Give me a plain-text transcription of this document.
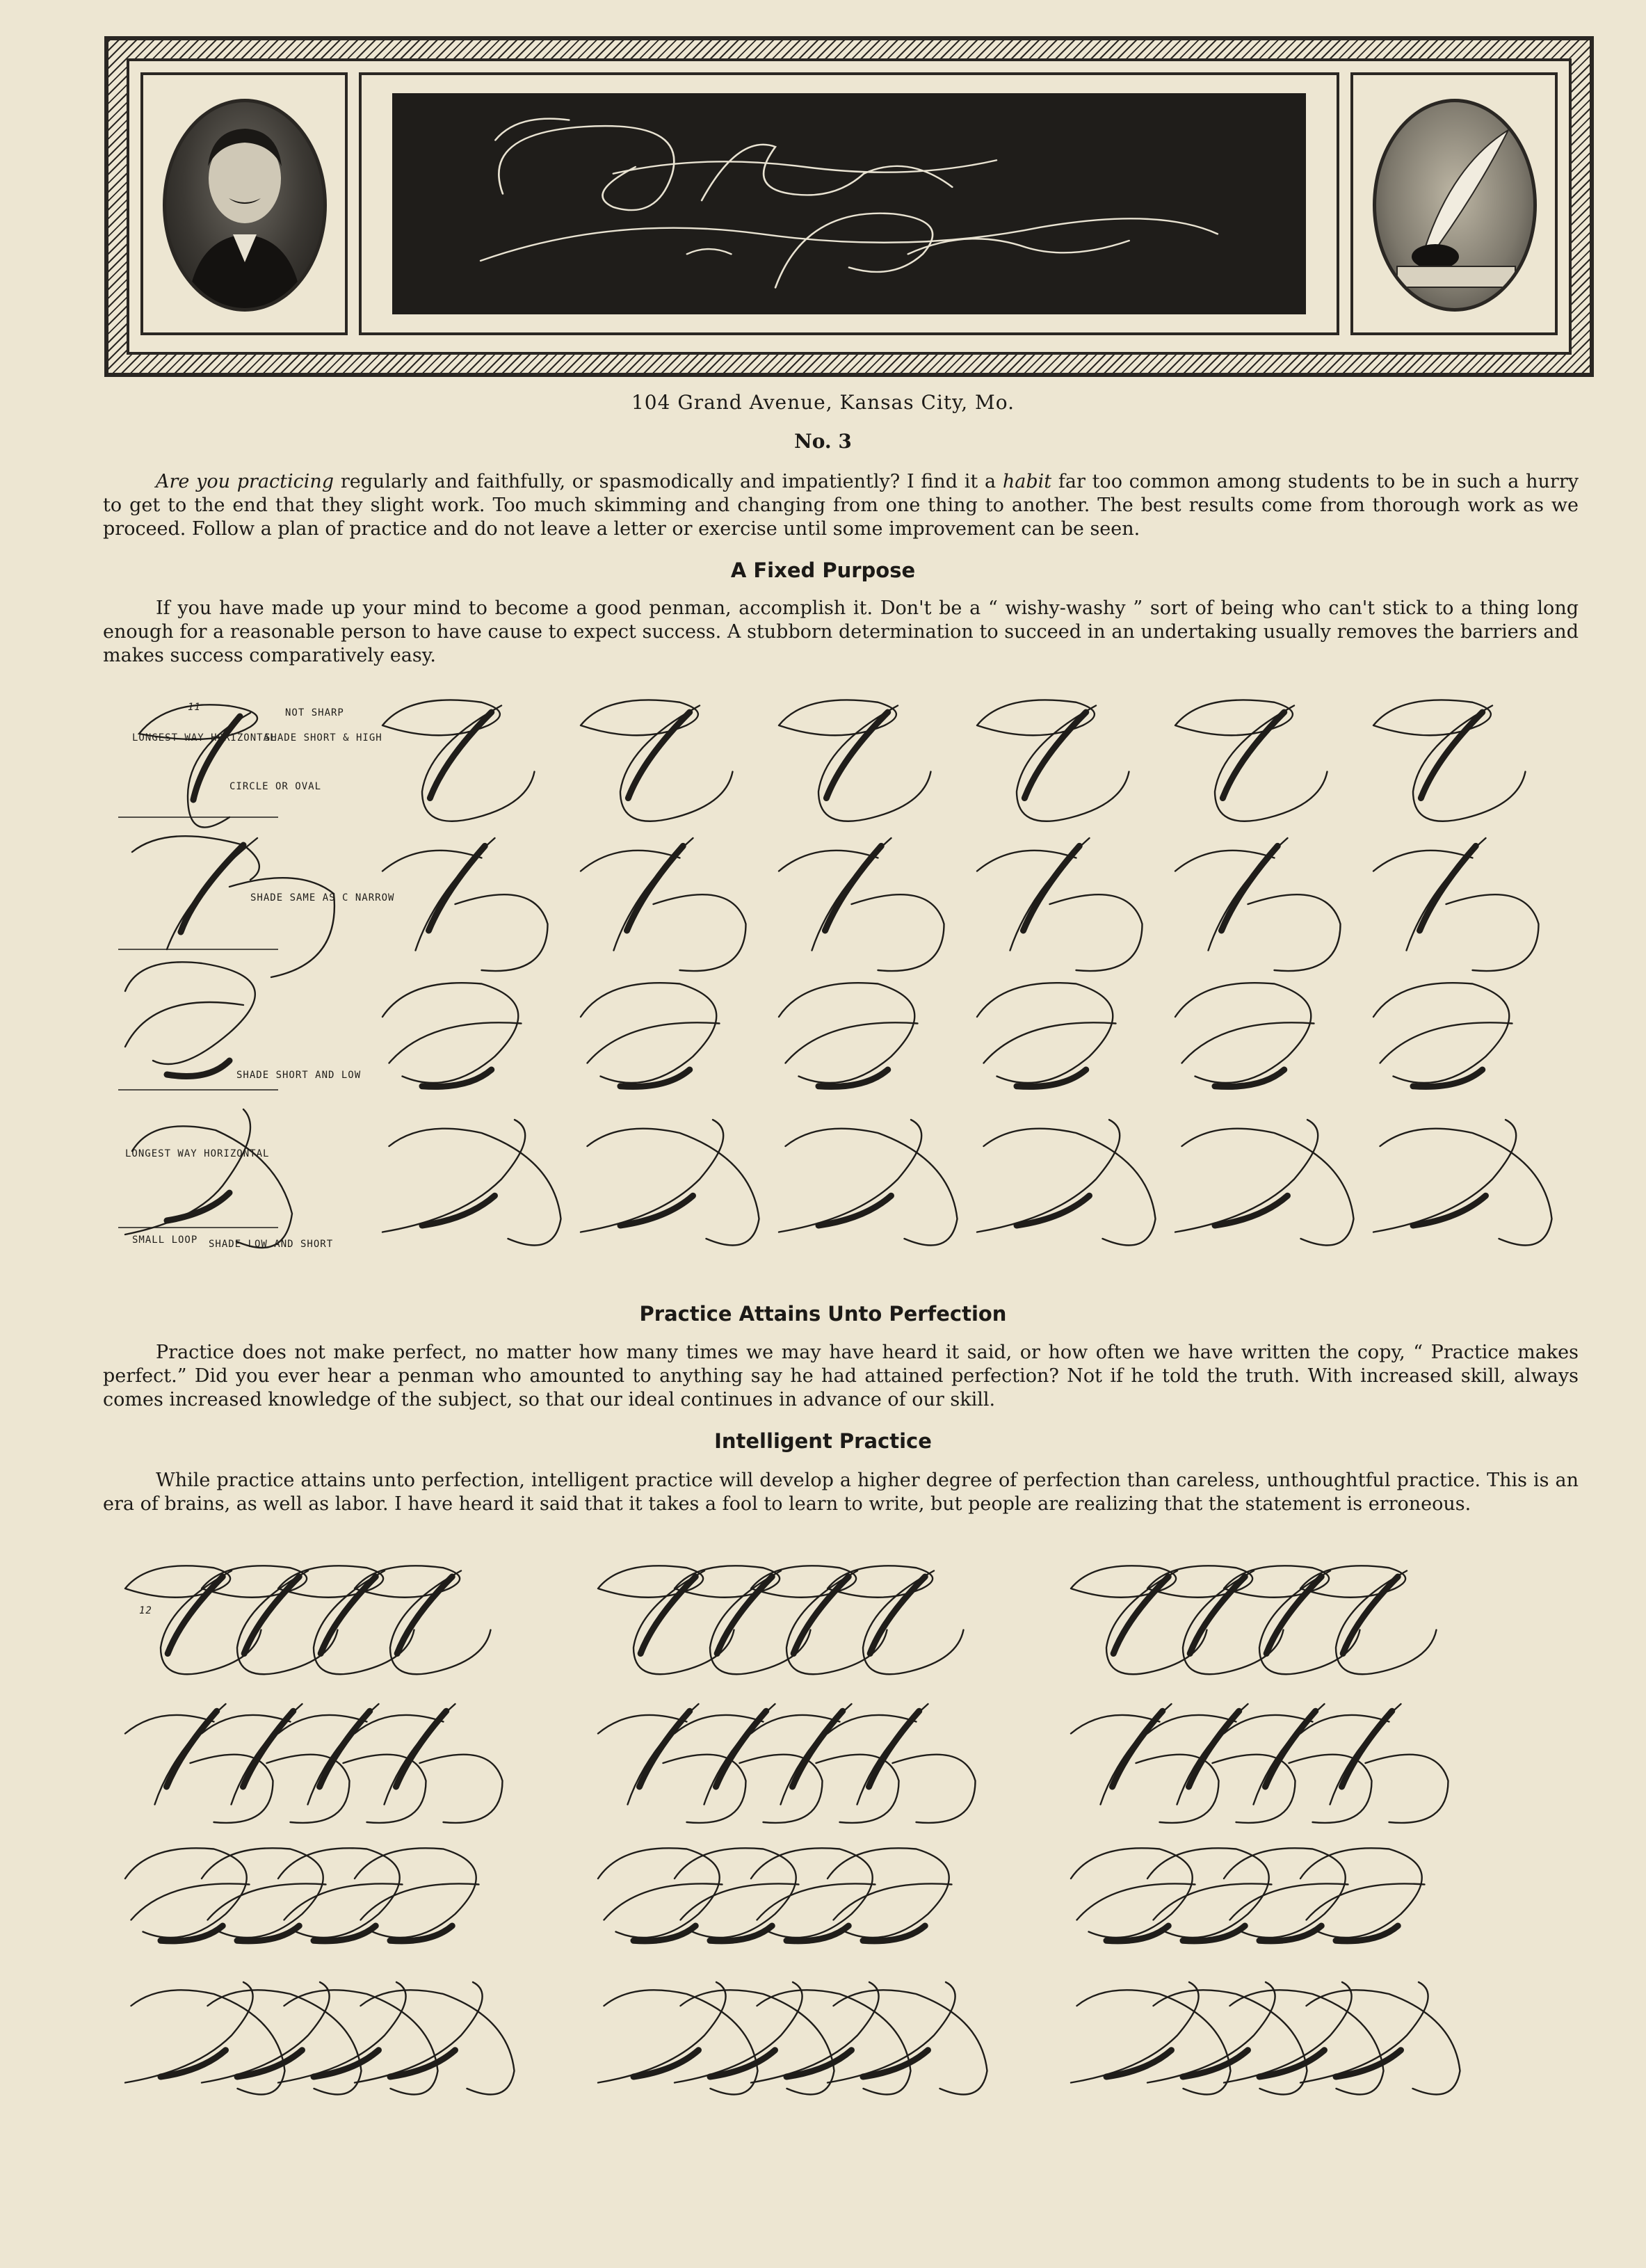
104 Grand Avenue, Kansas City, Mo.
No. 3
Are you practicing regularly and faithfully, or spasmodically and impatiently? I find it a habit far too common among students to be in such a hurry to get to the end that they slight work. Too much skimming and changing from one thing to another. The best results come from thorough work as we proceed. Follow a plan of practice and do not leave a letter or exercise until some improvement can be seen.
A Fixed Purpose
If you have made up your mind to become a good penman, accomplish it. Don't be a “ wishy-washy ” sort of being who can't stick to a thing long enough for a reasonable person to have cause to expect success. A stubborn determination to succeed in an undertaking usually removes the barriers and makes success comparatively easy.
11	NOT SHARP
LONGEST WAY HORIZONTAL
SHADE SHORT & HIGH
CIRCLE OR OVAL
SHADE SAME AS C NARROW
SHADE SHORT AND LOW
LONGEST WAY HORIZONTAL
SMALL LOOP SHADE LOW AND SHORT
Practice Attains Unto Perfection
Practice does not make perfect, no matter how many times we may have heard it said, or how often we have written the copy, “ Practice makes perfect.” Did you ever hear a penman who amounted to anything say he had attained perfection? Not if he told the truth. With increased skill, always comes increased knowledge of the subject, so that our ideal continues in advance of our skill.
Intelligent Practice
While practice attains unto perfection, intelligent practice will develop a higher degree of perfection than careless, unthoughtful practice. This is an era of brains, as well as labor. I have heard it said that it takes a fool to learn to write, but people are realizing that the statement is erroneous.
12
